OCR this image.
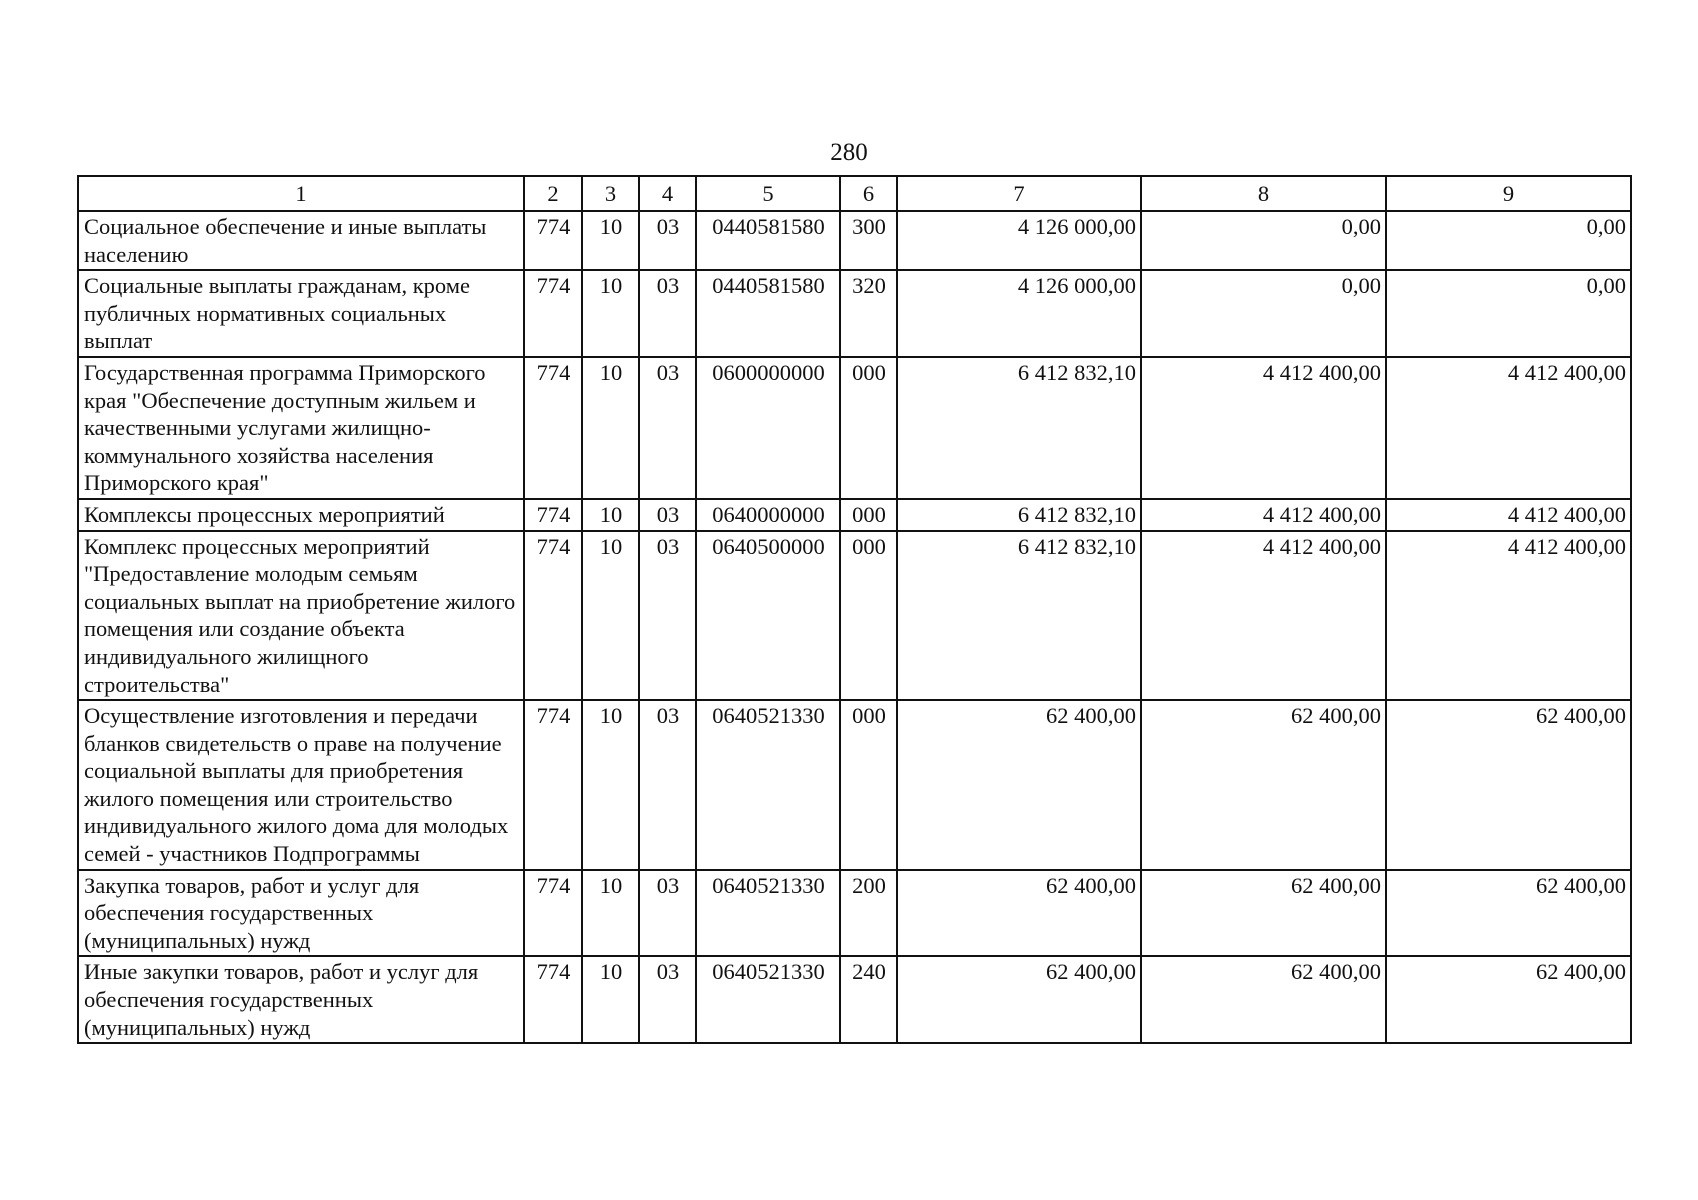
280
1	2	3	4	5	6	7	8	9
Социальное обеспечение и иные выплаты населению	774	10	03	0440581580	300	4 126 000,00	0,00	0,00
Социальные выплаты гражданам, кроме публичных нормативных социальных выплат	774	10	03	0440581580	320	4 126 000,00	0,00	0,00
Государственная программа Приморского края "Обеспечение доступным жильем и качественными услугами жилищно-коммунального хозяйства населения Приморского края"	774	10	03	0600000000	000	6 412 832,10	4 412 400,00	4 412 400,00
Комплексы процессных мероприятий	774	10	03	0640000000	000	6 412 832,10	4 412 400,00	4 412 400,00
Комплекс процессных мероприятий "Предоставление молодым семьям социальных выплат на приобретение жилого помещения или создание объекта индивидуального жилищного строительства"	774	10	03	0640500000	000	6 412 832,10	4 412 400,00	4 412 400,00
Осуществление изготовления и передачи бланков свидетельств о праве на получение социальной выплаты для приобретения жилого помещения или строительство индивидуального жилого дома для молодых семей - участников Подпрограммы	774	10	03	0640521330	000	62 400,00	62 400,00	62 400,00
Закупка товаров, работ и услуг для обеспечения государственных (муниципальных) нужд	774	10	03	0640521330	200	62 400,00	62 400,00	62 400,00
Иные закупки товаров, работ и услуг для обеспечения государственных (муниципальных) нужд	774	10	03	0640521330	240	62 400,00	62 400,00	62 400,00
